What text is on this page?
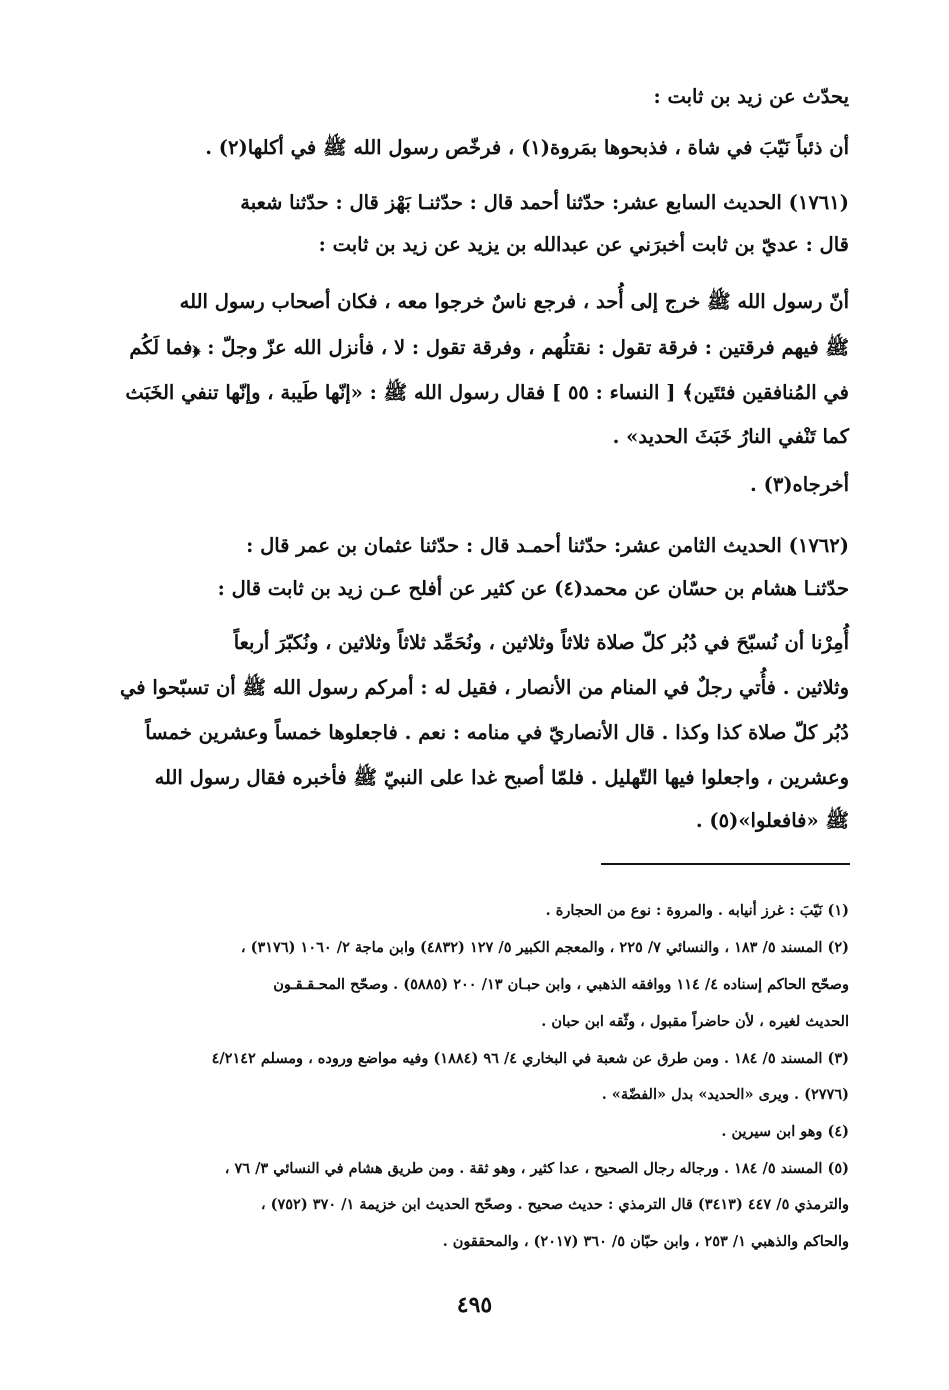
يحدّث عن زيد بن ثابت :
أن ذئباً نَيّبَ في شاة ، فذبحوها بمَروة(١) ، فرخّص رسول الله ﷺ في أكلها(٢) .
(١٧٦١) الحديث السابع عشر: حدّثنا أحمد قال : حدّثنـا بَهْز قال : حدّثنا شعبة
قال : عديّ بن ثابت أخبرَني عن عبدالله بن يزيد عن زيد بن ثابت :
أنّ رسول الله ﷺ خرج إلى أُحد ، فرجع ناسٌ خرجوا معه ، فكان أصحاب رسول الله
ﷺ فيهم فرقتين : فرقة تقول : نقتلُهم ، وفرقة تقول : لا ، فأنزل الله عزّ وجلّ : ﴿فما لَكُم
في المُنافقين فئتَين﴾ [ النساء : ٥٥ ] فقال رسول الله ﷺ : «إنّها طَيبة ، وإنّها تنفي الخَبَث
كما تَنْفي النارُ خَبَثَ الحديد» .
أخرجاه(٣) .
(١٧٦٢) الحديث الثامن عشر: حدّثنا أحمـد قال : حدّثنا عثمان بن عمر قال :
حدّثنـا هشام بن حسّان عن محمد(٤) عن كثير عن أفلح عـن زيد بن ثابت قال :
أُمِرْنا أن نُسبّحَ في دُبُر كلّ صلاة ثلاثاً وثلاثين ، ونُحَمِّد ثلاثاً وثلاثين ، ونُكبّرَ أربعاً
وثلاثين . فأُتي رجلٌ في المنام من الأنصار ، فقيل له : أمركم رسول الله ﷺ أن تسبّحوا في
دُبُر كلّ صلاة كذا وكذا . قال الأنصاريّ في منامه : نعم . فاجعلوها خمساً وعشرين خمساً
وعشرين ، واجعلوا فيها التّهليل . فلمّا أصبح غدا على النبيّ ﷺ فأخبره فقال رسول الله
ﷺ «فافعلوا»(٥) .
(١) نَيّبَ : غرز أنيابه . والمروة : نوع من الحجارة .
(٢) المسند ٥/ ١٨٣ ، والنسائي ٧/ ٢٢٥ ، والمعجم الكبير ٥/ ١٢٧ (٤٨٣٢) وابن ماجة ٢/ ١٠٦٠ (٣١٧٦) ،
وصحّح الحاكم إسناده ٤/ ١١٤ ووافقه الذهبي ، وابن حبـان ١٣/ ٢٠٠ (٥٨٨٥) . وصحّح المحـقـقـون
الحديث لغيره ، لأن حاضراً مقبول ، وثّقه ابن حبان .
(٣) المسند ٥/ ١٨٤ . ومن طرق عن شعبة في البخاري ٤/ ٩٦ (١٨٨٤) وفيه مواضع وروده ، ومسلم ٤/٢١٤٢
(٢٧٧٦) . ويرى «الحديد» بدل «الفضّة» .
(٤) وهو ابن سيرين .
(٥) المسند ٥/ ١٨٤ . ورجاله رجال الصحيح ، عدا كثير ، وهو ثقة . ومن طريق هشام في النسائي ٣/ ٧٦ ،
والترمذي ٥/ ٤٤٧ (٣٤١٣) قال الترمذي : حديث صحيح . وصحّح الحديث ابن خزيمة ١/ ٣٧٠ (٧٥٢) ،
والحاكم والذهبي ١/ ٢٥٣ ، وابن حبّان ٥/ ٣٦٠ (٢٠١٧) ، والمحققون .
٤٩٥
